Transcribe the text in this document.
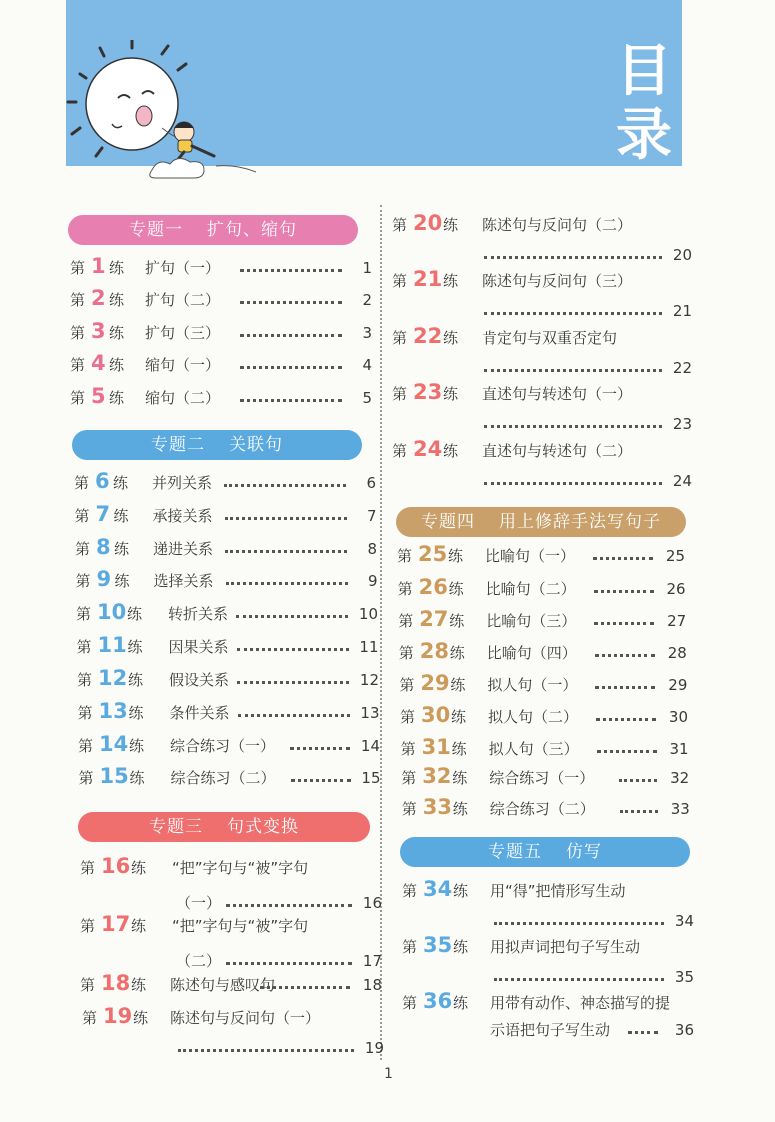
目
录
专题一 扩句、缩句
专题二 关联句
专题三 句式变换
专题四 用上修辞手法写句子
专题五 仿写
第 1 练 扩句（一）	1
第 2 练 扩句（二）	2
第 3 练 扩句（三）	3
第 4 练 缩句（一）	4
第 5 练 缩句（二）	5
第 6 练 并列关系	6
第 7 练 承接关系	7
第 8 练 递进关系	8
第 9 练 选择关系	9
第 10 练 转折关系	10
第 11 练 因果关系	11
第 12 练 假设关系	12
第 13 练 条件关系	13
第 14 练 综合练习（一）	14
第 15 练 综合练习（二）	15
第 16 练 “把”字句与“被”字句
（一）	16
第 17 练 “把”字句与“被”字句
（二）	17
第 18 练 陈述句与感叹句	18
第 19 练 陈述句与反问句（一）
19
第 20 练 陈述句与反问句（二）
20
第 21 练 陈述句与反问句（三）
21
第 22 练 肯定句与双重否定句
22
第 23 练 直述句与转述句（一）
23
第 24 练 直述句与转述句（二）
24
第 25 练 比喻句（一）	25
第 26 练 比喻句（二）	26
第 27 练 比喻句（三）	27
第 28 练 比喻句（四）	28
第 29 练 拟人句（一）	29
第 30 练 拟人句（二）	30
第 31 练 拟人句（三）	31
第 32 练 综合练习（一）	32
第 33 练 综合练习（二）	33
第 34 练 用“得”把情形写生动
34
第 35 练 用拟声词把句子写生动
35
第 36 练 用带有动作、神态描写的提
示语把句子写生动	36
1
